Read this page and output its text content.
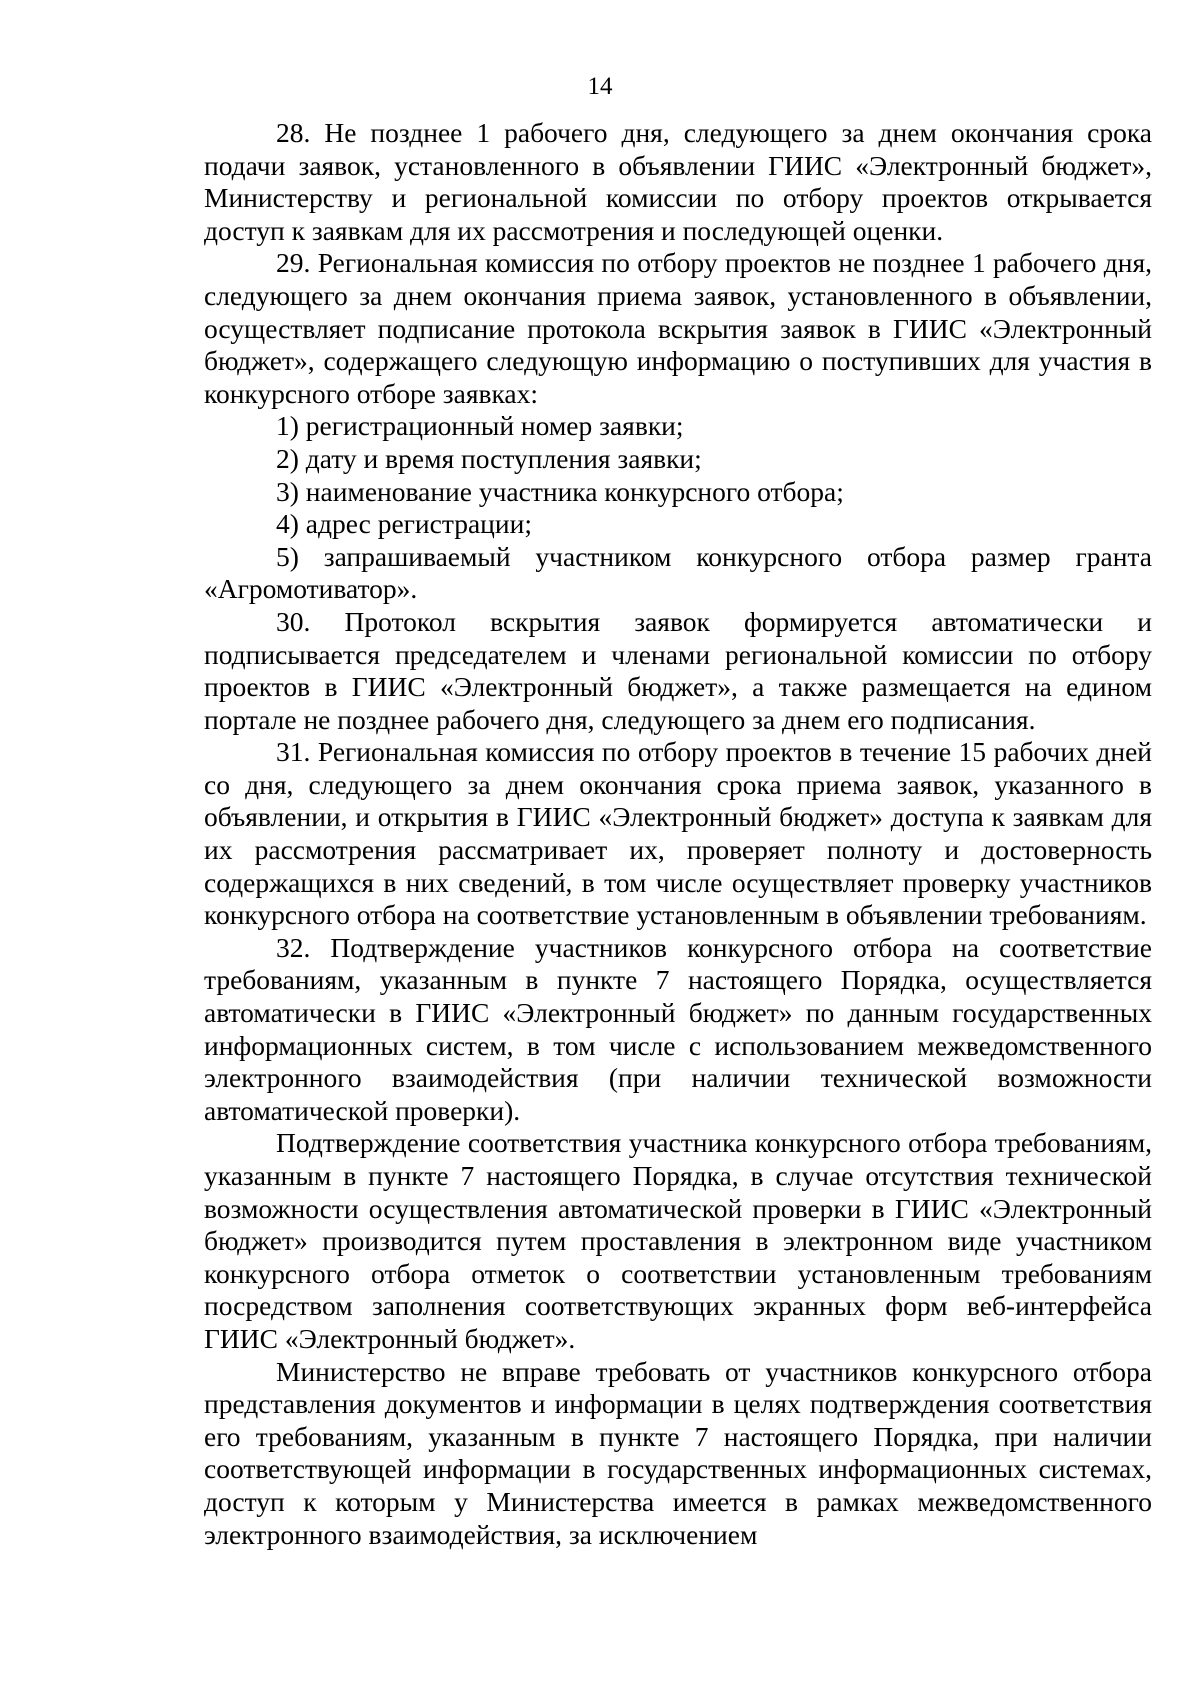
14

28. Не позднее 1 рабочего дня, следующего за днем окончания срока подачи заявок, установленного в объявлении ГИИС «Электронный бюджет», Министерству и региональной комиссии по отбору проектов открывается доступ к заявкам для их рассмотрения и последующей оценки.

29. Региональная комиссия по отбору проектов не позднее 1 рабочего дня, следующего за днем окончания приема заявок, установленного в объявлении, осуществляет подписание протокола вскрытия заявок в ГИИС «Электронный бюджет», содержащего следующую информацию о поступивших для участия в конкурсного отборе заявках:

1) регистрационный номер заявки;

2) дату и время поступления заявки;

3) наименование участника конкурсного отбора;

4) адрес регистрации;

5) запрашиваемый участником конкурсного отбора размер гранта «Агромотиватор».

30. Протокол вскрытия заявок формируется автоматически и подписывается председателем и членами региональной комиссии по отбору проектов в ГИИС «Электронный бюджет», а также размещается на едином портале не позднее рабочего дня, следующего за днем его подписания.

31. Региональная комиссия по отбору проектов в течение 15 рабочих дней со дня, следующего за днем окончания срока приема заявок, указанного в объявлении, и открытия в ГИИС «Электронный бюджет» доступа к заявкам для их рассмотрения рассматривает их, проверяет полноту и достоверность содержащихся в них сведений, в том числе осуществляет проверку участников конкурсного отбора на соответствие установленным в объявлении требованиям.

32. Подтверждение участников конкурсного отбора на соответствие требованиям, указанным в пункте 7 настоящего Порядка, осуществляется автоматически в ГИИС «Электронный бюджет» по данным государственных информационных систем, в том числе с использованием межведомственного электронного взаимодействия (при наличии технической возможности автоматической проверки).

Подтверждение соответствия участника конкурсного отбора требованиям, указанным в пункте 7 настоящего Порядка, в случае отсутствия технической возможности осуществления автоматической проверки в ГИИС «Электронный бюджет» производится путем проставления в электронном виде участником конкурсного отбора отметок о соответствии установленным требованиям посредством заполнения соответствующих экранных форм веб-интерфейса ГИИС «Электронный бюджет».

Министерство не вправе требовать от участников конкурсного отбора представления документов и информации в целях подтверждения соответствия его требованиям, указанным в пункте 7 настоящего Порядка, при наличии соответствующей информации в государственных информационных системах, доступ к которым у Министерства имеется в рамках межведомственного электронного взаимодействия, за исключением
